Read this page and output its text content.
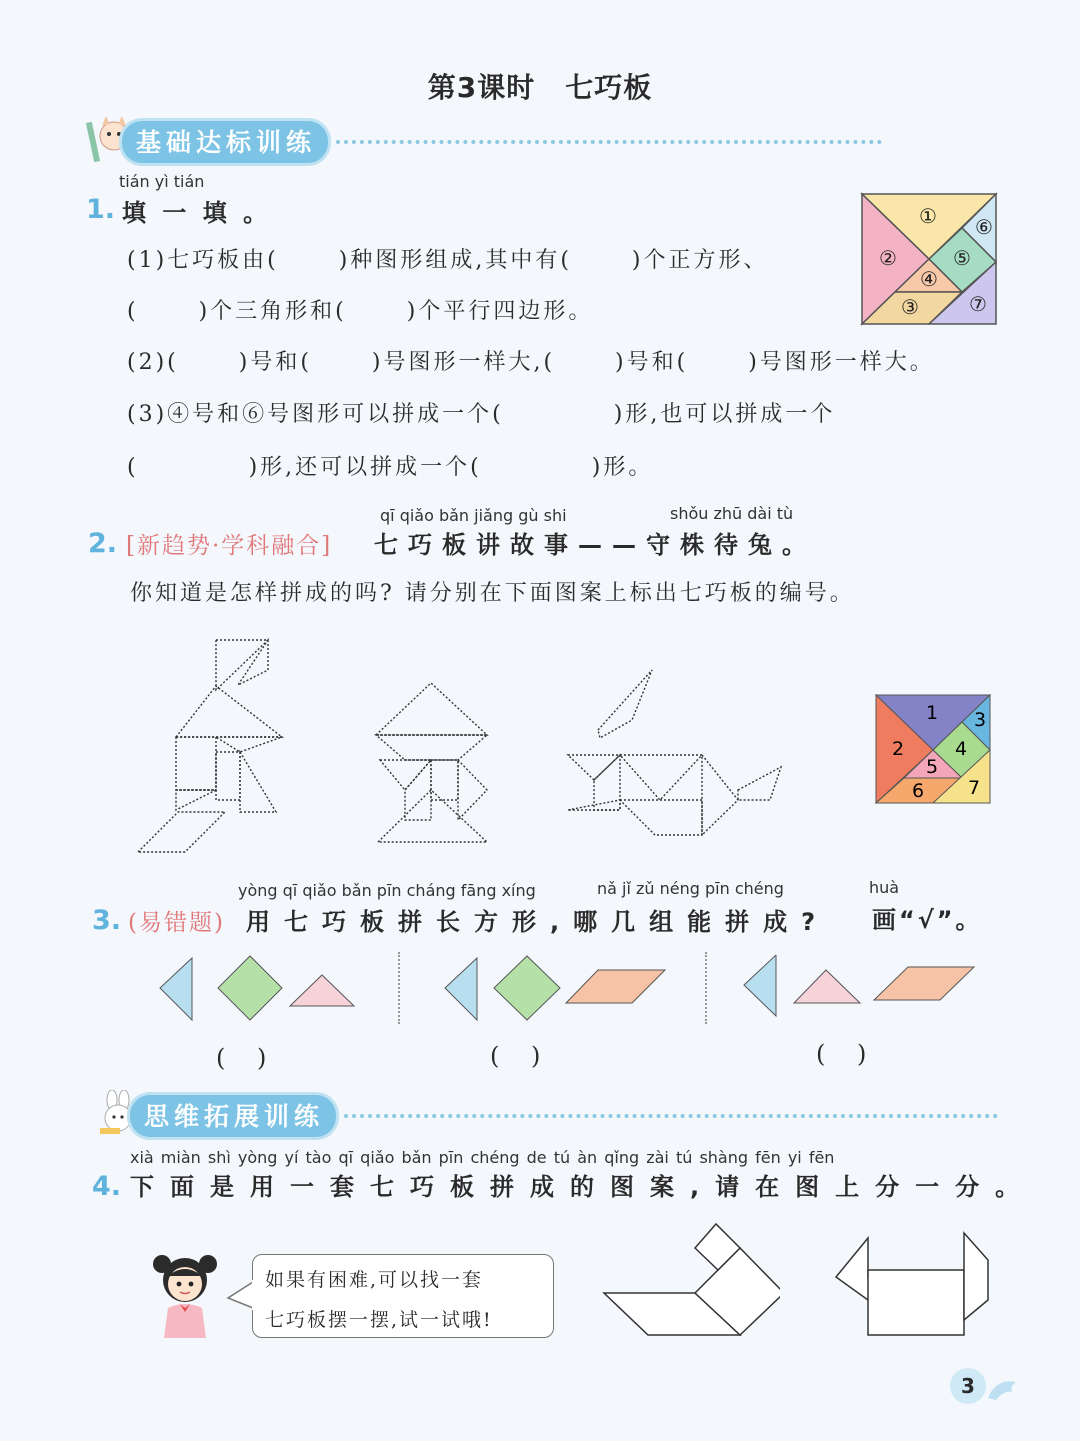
第3课时 七巧板
基础达标训练
tián yì tián
1. 填 一 填 。
(1)七巧板由(　　 )种图形组成,其中有(　　 )个正方形、
(　　 )个三角形和(　　 )个平行四边形。
(2)(　　 )号和(　　 )号图形一样大,(　　 )号和(　　 )号图形一样大。
(3)④号和⑥号图形可以拼成一个(　　　　 )形,也可以拼成一个
(　　　　 )形,还可以拼成一个(　　　　 )形。
①
②
③
④
⑤
⑥
⑦
qī qiǎo bǎn jiǎng gù shi	shǒu zhū dài tù
2. [新趋势·学科融合] 七巧板讲故事——守株待兔。
你知道是怎样拼成的吗? 请分别在下面图案上标出七巧板的编号。
1
2
3
4
5
6 7
yòng qī qiǎo bǎn pīn cháng fāng xíng	nǎ jǐ zǔ néng pīn chéng	huà
3. (易错题) 用七巧板拼长方形,哪几组能拼成? 画“√”。
(　 )	(　 )	(　 )
思维拓展训练
xià miàn shì yòng yí tào qī qiǎo bǎn pīn chéng de tú àn qǐng zài tú shàng fēn yi fēn
4. 下面是用一套七巧板拼成的图案,请在图上分一分。
如果有困难,可以找一套
七巧板摆一摆,试一试哦!
3
